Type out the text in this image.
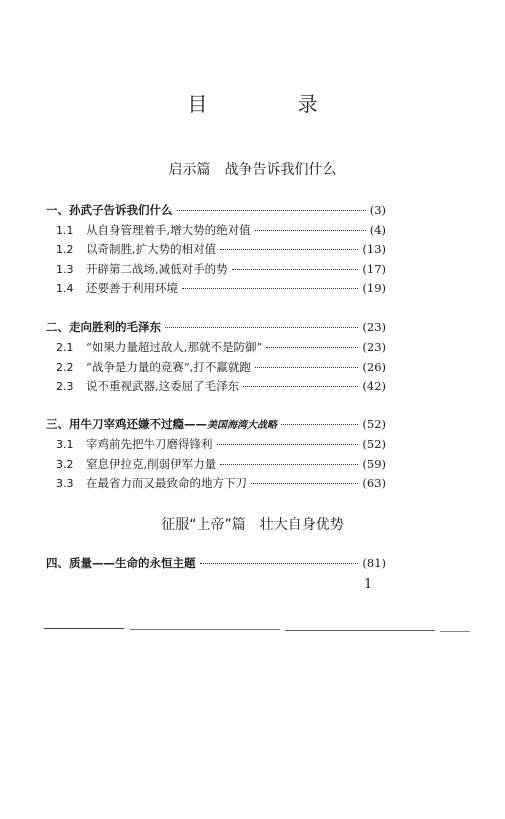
目 录
启示篇 战争告诉我们什么
一、孙武子告诉我们什么	(3)
1.1	从自身管理着手,增大势的绝对值	(4)
1.2	以奇制胜,扩大势的相对值	(13)
1.3	开辟第二战场,减低对手的势	(17)
1.4	还要善于利用环境	(19)
二、走向胜利的毛泽东	(23)
2.1	“如果力量超过敌人,那就不是防御”	(23)
2.2	“战争是力量的竞赛”,打不赢就跑	(26)
2.3	说不重视武器,这委屈了毛泽东	(42)
三、用牛刀宰鸡还嫌不过瘾—— 美国海湾大战略	(52)
3.1	宰鸡前先把牛刀磨得锋利	(52)
3.2	窒息伊拉克,削弱伊军力量	(59)
3.3	在最省力而又最致命的地方下刀	(63)
征服“上帝”篇 壮大自身优势
四、质量——生命的永恒主题	(81)
1
